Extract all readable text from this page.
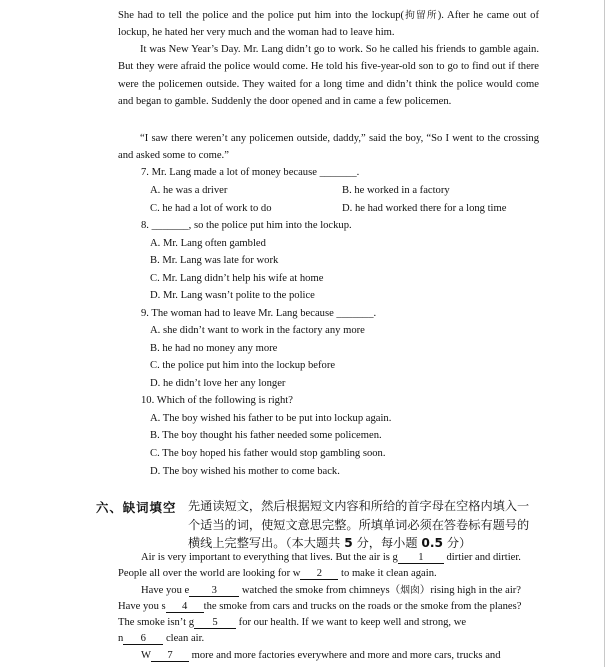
She had to tell the police and the police put him into the lockup(拘留所). After he came out of lockup, he hated her very much and the woman had to leave him.

It was New Year’s Day. Mr. Lang didn’t go to work. So he called his friends to gamble again. But they were afraid the police would come. He told his five-year-old son to go to find out if there were the policemen outside. They waited for a long time and didn’t think the police would come and began to gamble. Suddenly the door opened and in came a few policemen.

“I saw there weren’t any policemen outside, daddy,” said the boy, “So I went to the crossing and asked some to come.”

7. Mr. Lang made a lot of money because _______.
A. he was a driver	B. he worked in a factory
C. he had a lot of work to do	D. he had worked there for a long time
8. _______, so the police put him into the lockup.
A. Mr. Lang often gambled
B. Mr. Lang was late for work
C. Mr. Lang didn’t help his wife at home
D. Mr. Lang wasn’t polite to the police
9. The woman had to leave Mr. Lang because _______.
A. she didn’t want to work in the factory any more
B. he had no money any more
C. the police put him into the lockup before
D. he didn’t love her any longer
10. Which of the following is right?
A. The boy wished his father to be put into lockup again.
B. The boy thought his father needed some policemen.
C. The boy hoped his father would stop gambling soon.
D. The boy wished his mother to come back.
六、缺词填空 先通读短文，然后根据短文内容和所给的首字母在空格内填入一个适当的词，使短文意思完整。所填单词必须在答卷标有题号的横线上完整写出。（本大题共 5 分，每小题 0.5 分）
Air is very important to everything that lives. But the air is g 1 dirtier and dirtier.
People all over the world are looking for w 2 to make it clean again.
Have you e 3 watched the smoke from chimneys（烟囱）rising high in the air?
Have you s 4 the smoke from cars and trucks on the roads or the smoke from the planes?
The smoke isn’t g 5 for our health. If we want to keep well and strong, we
n 6 clean air.
W 7 more and more factories everywhere and more and more cars, trucks and
